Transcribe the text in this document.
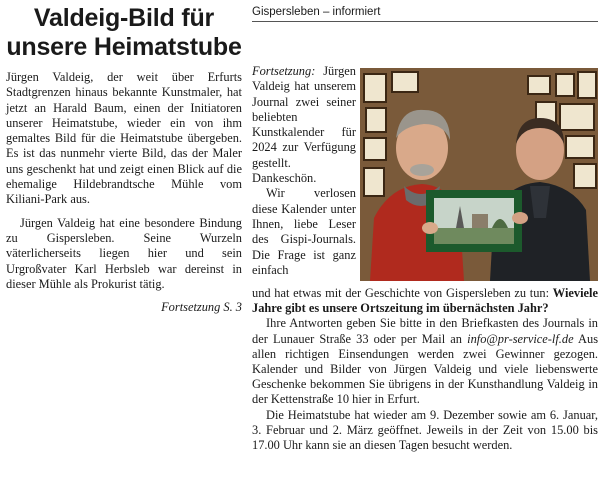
Valdeig-Bild für unsere Heimatstube

Jürgen Valdeig, der weit über Erfurts Stadtgrenzen hinaus bekannte Kunstmaler, hat jetzt an Harald Baum, einen der Initiatoren unserer Heimatstube, wieder ein von ihm gemaltes Bild für die Heimatstube übergeben. Es ist das nunmehr vierte Bild, das der Maler uns geschenkt hat und zeigt einen Blick auf die ehemalige Hildebrandtsche Mühle vom Kiliani-Park aus.

Jürgen Valdeig hat eine besondere Bindung zu Gispersleben. Seine Wurzeln väterlicherseits liegen hier und sein Urgroßvater Karl Herbsleb war dereinst in dieser Mühle als Prokurist tätig.

Fortsetzung S. 3
Gispersleben – informiert

Fortsetzung: Jürgen Valdeig hat unserem Journal zwei seiner beliebten Kunstkalender für 2024 zur Verfügung gestellt. Dankeschön.

Wir verlosen diese Kalender unter Ihnen, liebe Leser des Gispi-Journals. Die Frage ist ganz einfach

und hat etwas mit der Geschichte von Gispersleben zu tun: Wieviele Jahre gibt es unsere Ortszeitung im übernächsten Jahr?

Ihre Antworten geben Sie bitte in den Briefkasten des Journals in der Lunauer Straße 33 oder per Mail an info@pr-service-lf.de Aus allen richtigen Einsendungen werden zwei Gewinner gezogen. Kalender und Bilder von Jürgen Valdeig und viele liebenswerte Geschenke bekommen Sie übrigens in der Kunsthandlung Valdeig in der Kettenstraße 10 hier in Erfurt.

Die Heimatstube hat wieder am 9. Dezember sowie am 6. Januar, 3. Februar und 2. März geöffnet. Jeweils in der Zeit von 15.00 bis 17.00 Uhr kann sie an diesen Tagen besucht werden.
